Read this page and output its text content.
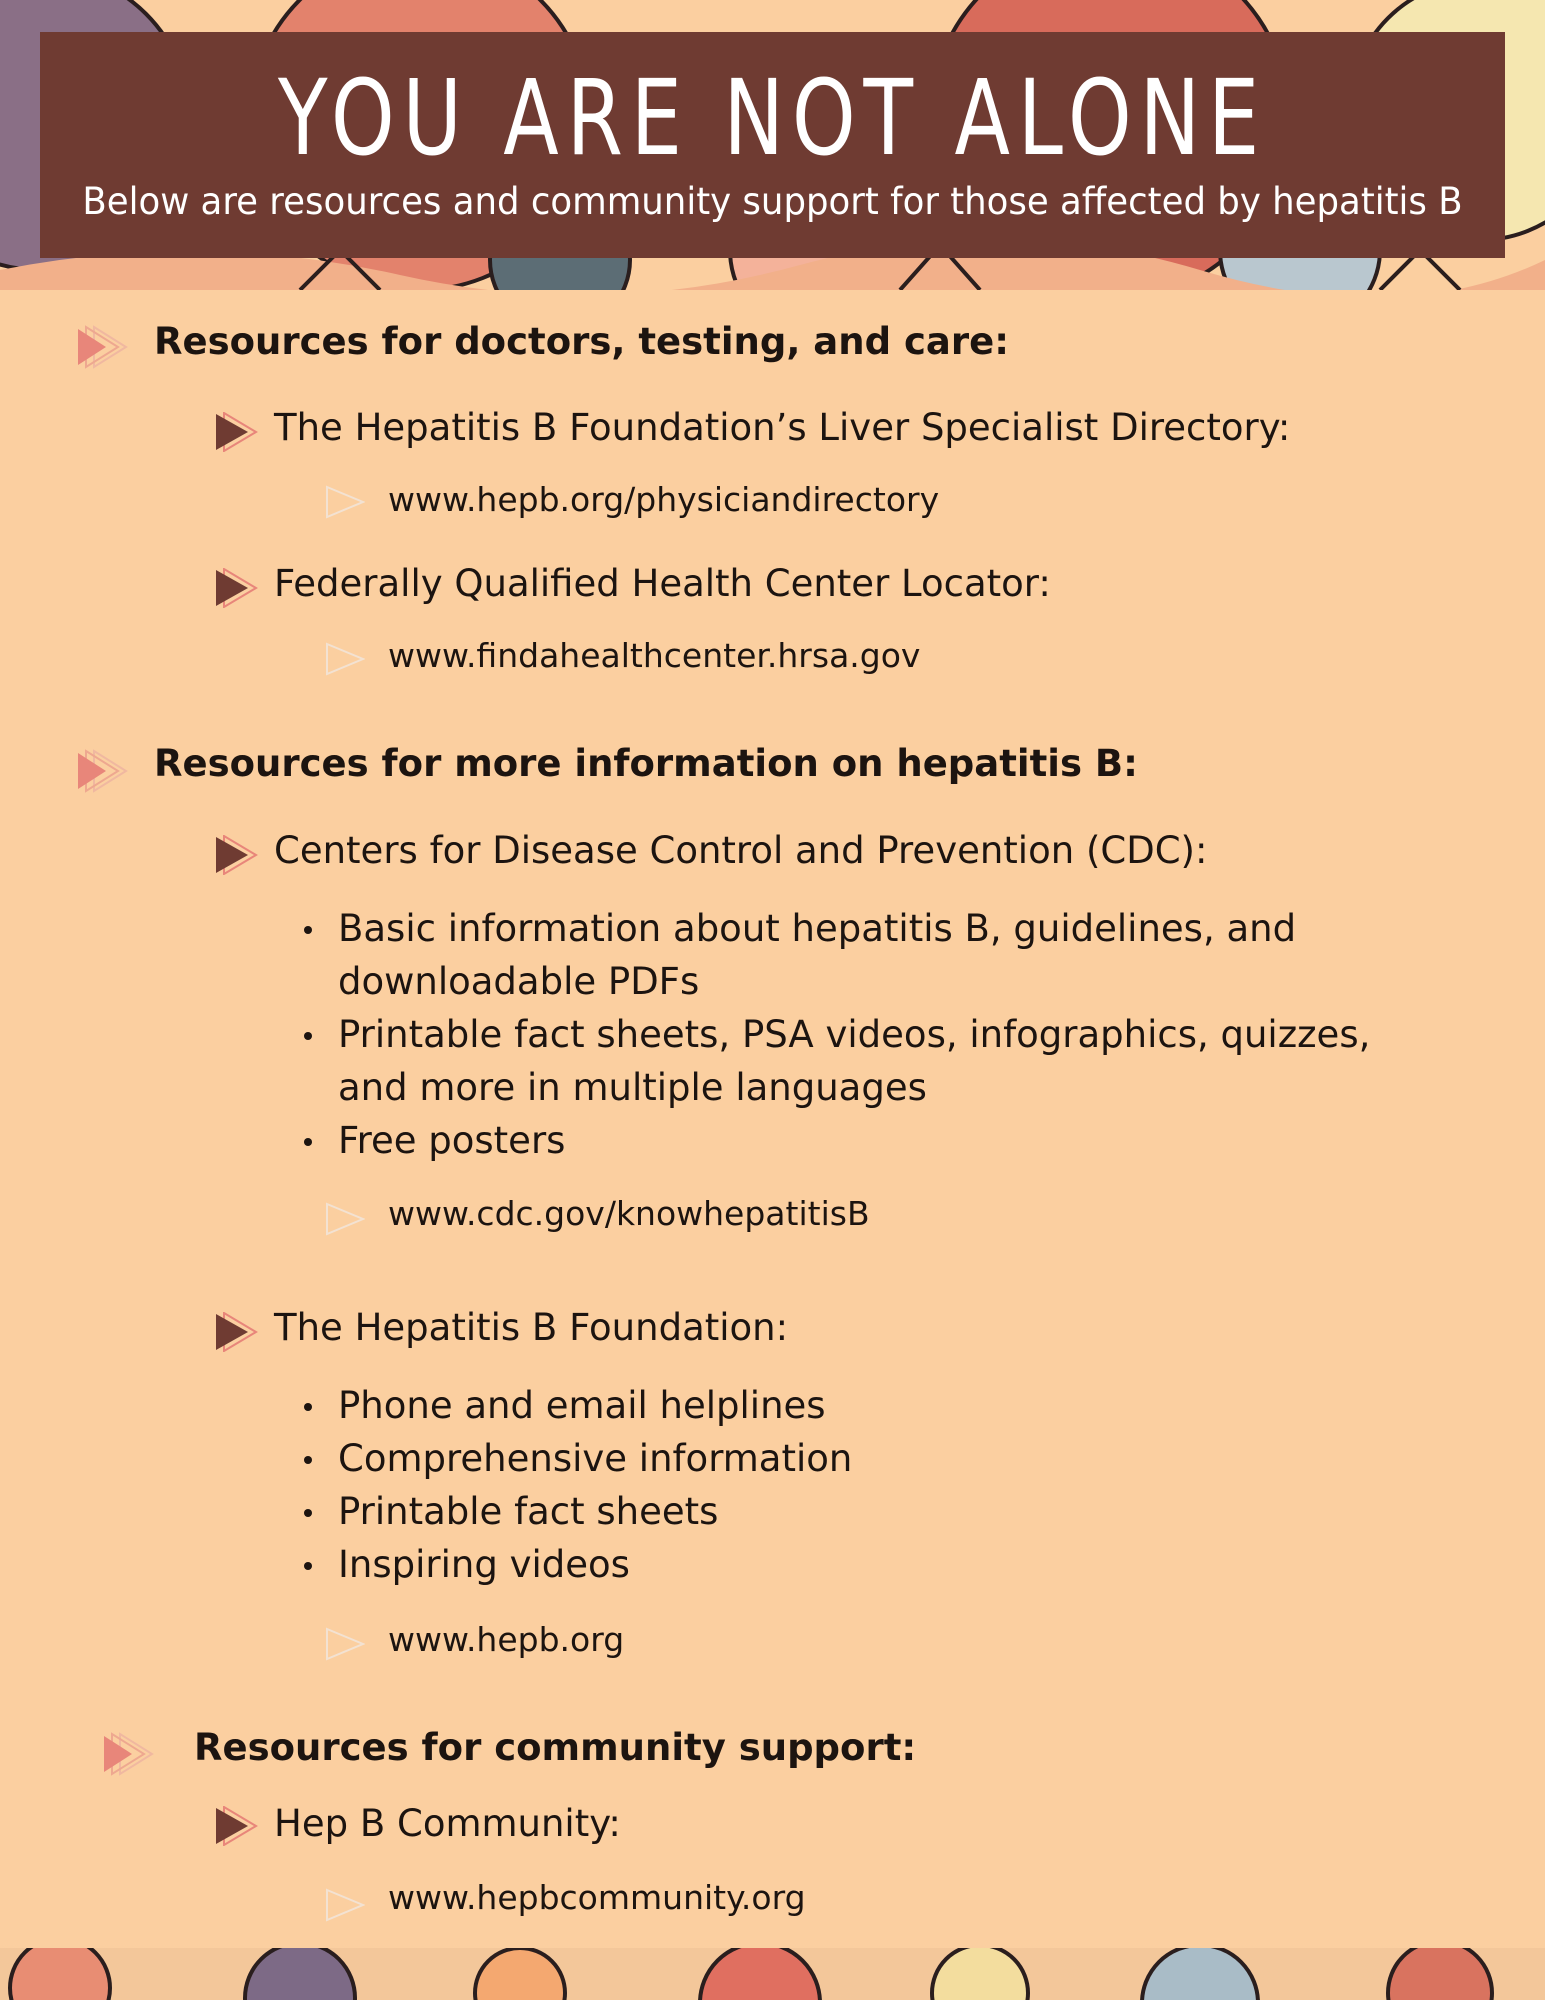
YOU ARE NOT ALONE
Below are resources and community support for those affected by hepatitis B
Resources for doctors, testing, and care:
The Hepatitis B Foundation’s Liver Specialist Directory:
www.hepb.org/physiciandirectory
Federally Qualified Health Center Locator:
www.findahealthcenter.hrsa.gov
Resources for more information on hepatitis B:
Centers for Disease Control and Prevention (CDC):
Basic information about hepatitis B, guidelines, and
downloadable PDFs
Printable fact sheets, PSA videos, infographics, quizzes,
and more in multiple languages
Free posters
www.cdc.gov/knowhepatitisB
The Hepatitis B Foundation:
Phone and email helplines
Comprehensive information
Printable fact sheets
Inspiring videos
www.hepb.org
Resources for community support:
Hep B Community:
www.hepbcommunity.org
